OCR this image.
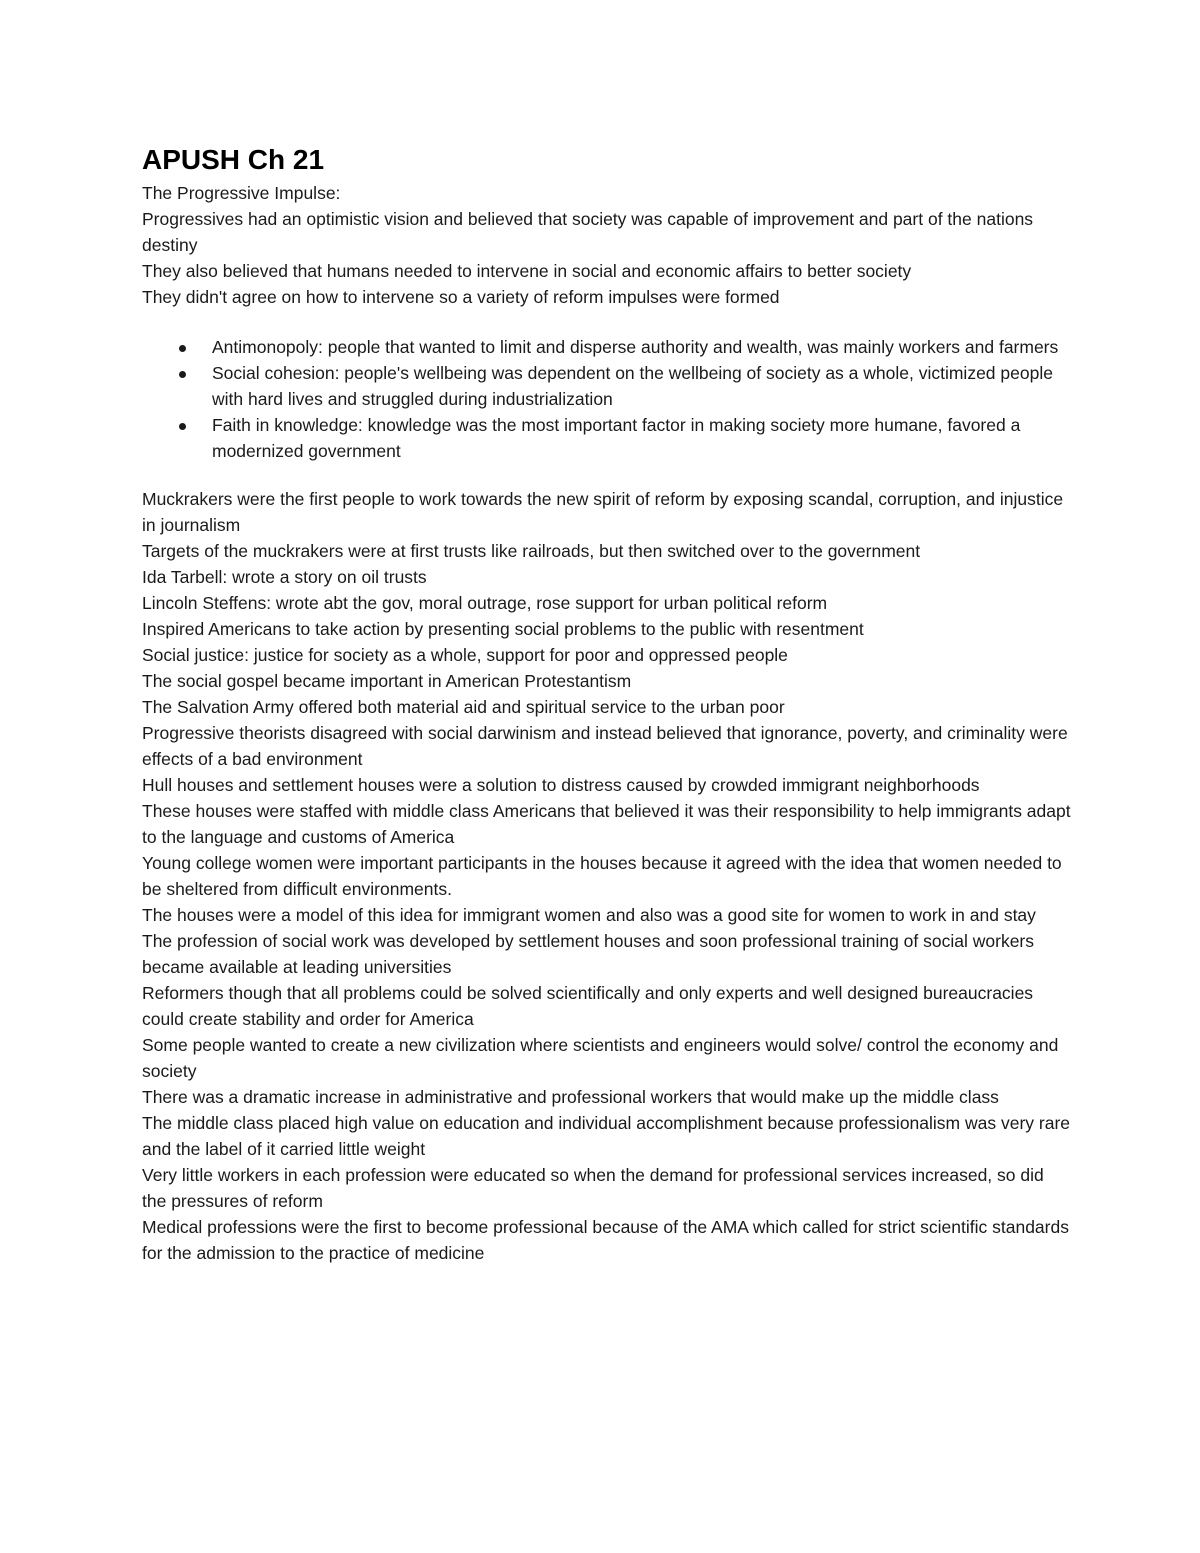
APUSH Ch 21

The Progressive Impulse:

Progressives had an optimistic vision and believed that society was capable of improvement and part of the nations destiny

They also believed that humans needed to intervene in social and economic affairs to better society

They didn't agree on how to intervene so a variety of reform impulses were formed

Antimonopoly: people that wanted to limit and disperse authority and wealth, was mainly workers and farmers
Social cohesion: people's wellbeing was dependent on the wellbeing of society as a whole, victimized people with hard lives and struggled during industrialization
Faith in knowledge: knowledge was the most important factor in making society more humane, favored a modernized government

Muckrakers were the first people to work towards the new spirit of reform by exposing scandal, corruption, and injustice in journalism

Targets of the muckrakers were at first trusts like railroads, but then switched over to the government

Ida Tarbell: wrote a story on oil trusts

Lincoln Steffens: wrote abt the gov, moral outrage, rose support for urban political reform

Inspired Americans to take action by presenting social problems to the public with resentment

Social justice: justice for society as a whole, support for poor and oppressed people

The social gospel became important in American Protestantism

The Salvation Army offered both material aid and spiritual service to the urban poor

Progressive theorists disagreed with social darwinism and instead believed that ignorance, poverty, and criminality were effects of a bad environment

Hull houses and settlement houses were a solution to distress caused by crowded immigrant neighborhoods

These houses were staffed with middle class Americans that believed it was their responsibility to help immigrants adapt to the language and customs of America

Young college women were important participants in the houses because it agreed with the idea that women needed to be sheltered from difficult environments.

The houses were a model of this idea for immigrant women and also was a good site for women to work in and stay

The profession of social work was developed by settlement houses and soon professional training of social workers became available at leading universities

Reformers though that all problems could be solved scientifically and only experts and well designed bureaucracies could create stability and order for America

Some people wanted to create a new civilization where scientists and engineers would solve/ control the economy and society

There was a dramatic increase in administrative and professional workers that would make up the middle class

The middle class placed high value on education and individual accomplishment because professionalism was very rare and the label of it carried little weight

Very little workers in each profession were educated so when the demand for professional services increased, so did the pressures of reform

Medical professions were the first to become professional because of the AMA which called for strict scientific standards for the admission to the practice of medicine
